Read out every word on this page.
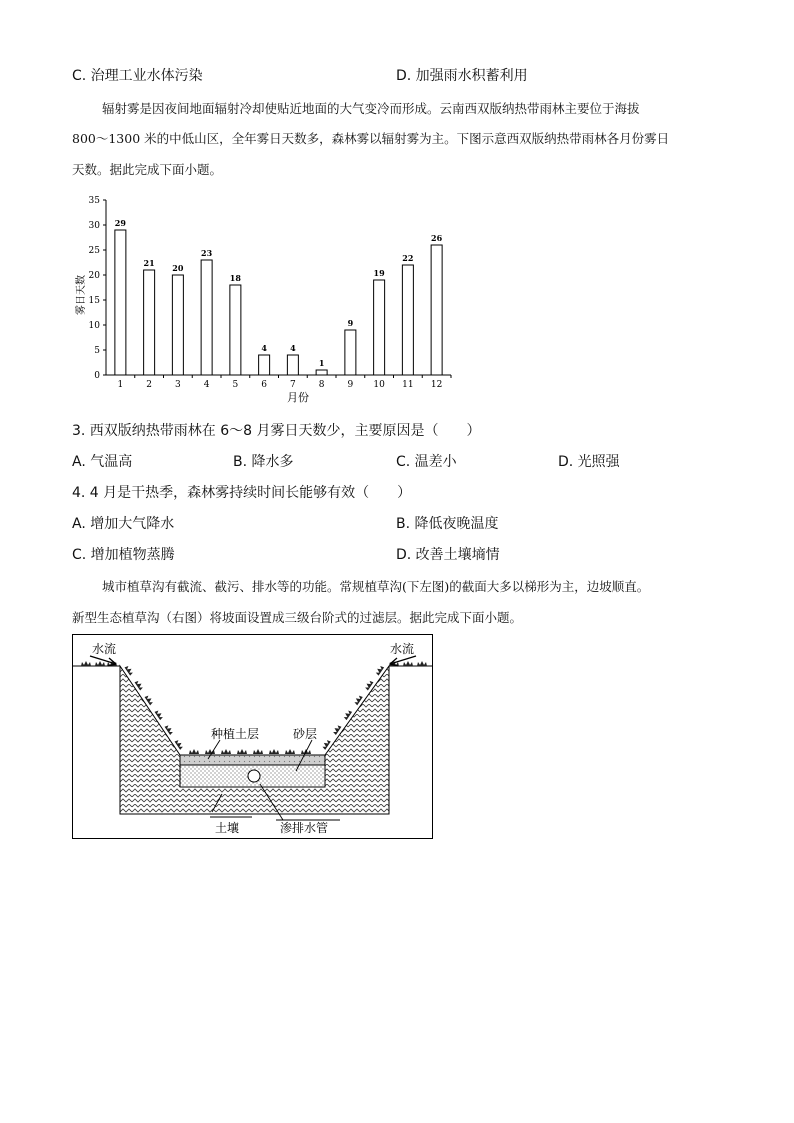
C. 治理工业水体污染	D. 加强雨水积蓄利用
辐射雾是因夜间地面辐射冷却使贴近地面的大气变冷而形成。云南西双版纳热带雨林主要位于海拔
800～1300 米的中低山区，全年雾日天数多，森林雾以辐射雾为主。下图示意西双版纳热带雨林各月份雾日
天数。据此完成下面小题。
0
5
10
15
20
25
30
35
29
1
21
2
20
3
23
4
18
5
4
6
4
7
1
8
9
9
19
10
22
11
26
12
雾日天数
月份
3. 西双版纳热带雨林在 6～8 月雾日天数少，主要原因是（　　）
A. 气温高	B. 降水多	C. 温差小	D. 光照强
4. 4 月是干热季，森林雾持续时间长能够有效（　　）
A. 增加大气降水	B. 降低夜晚温度
C. 增加植物蒸腾	D. 改善土壤墒情
城市植草沟有截流、截污、排水等的功能。常规植草沟(下左图)的截面大多以梯形为主，边坡顺直。
新型生态植草沟（右图）将坡面设置成三级台阶式的过滤层。据此完成下面小题。
水流	水流
种植土层	砂层
土壤	渗排水管
